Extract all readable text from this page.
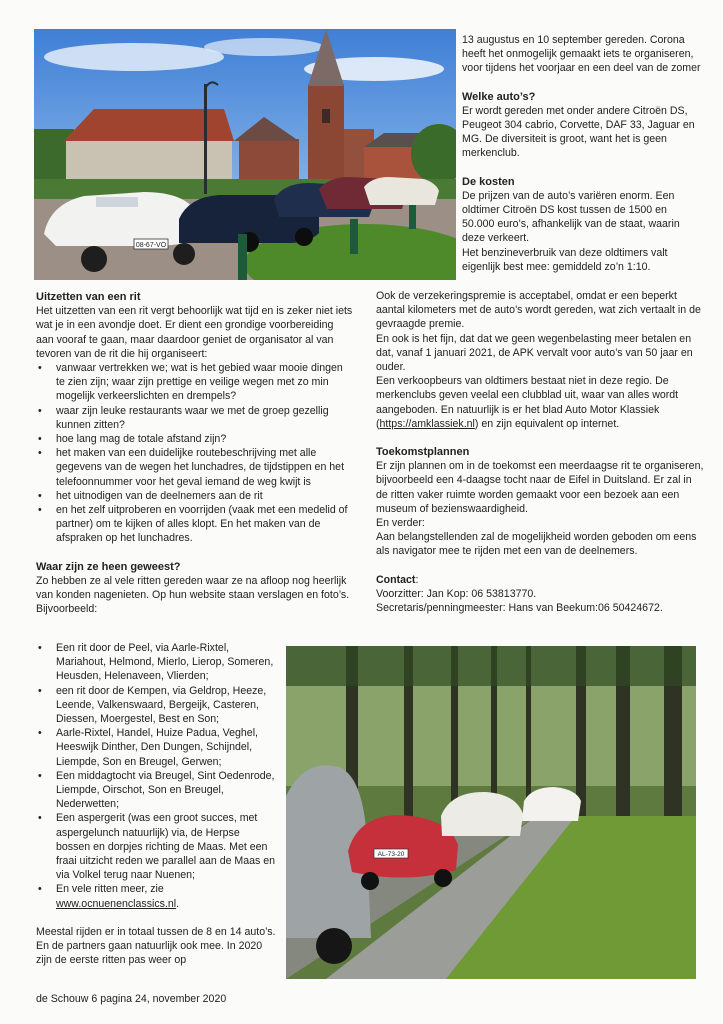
08-67-VO

13 augustus en 10 september gereden. Corona heeft het onmogelijk gemaakt iets te organiseren, voor tijdens het voorjaar en een deel van de zomer

Welke auto’s?

Er wordt gereden met onder andere Citroën DS, Peugeot 304 cabrio, Corvette, DAF 33, Jaguar en MG. De diversiteit is groot, want het is geen merkenclub.

De kosten

De prijzen van de auto’s variëren enorm. Een oldtimer Citroën DS kost tussen de 1500 en 50.000 euro’s, afhankelijk van de staat, waarin deze verkeert.

Het benzineverbruik van deze oldtimers valt eigenlijk best mee: gemiddeld zo’n 1:10.

Ook de verzekeringspremie is acceptabel, omdat er een beperkt aantal kilometers met de auto’s wordt gereden, wat zich vertaalt in de gevraagde premie.

En ook is het fijn, dat dat we geen wegenbelasting meer betalen en dat, vanaf 1 januari 2021, de APK vervalt voor auto’s van 50 jaar en ouder.

Een verkoopbeurs van oldtimers bestaat niet in deze regio. De merkenclubs geven veelal een clubblad uit, waar van alles wordt aangeboden. En natuurlijk is er het blad Auto Motor Klassiek (https://amklassiek.nl) en zijn equivalent op internet.

Toekomstplannen

Er zijn plannen om in de toekomst een meerdaagse rit te organiseren, bijvoorbeeld een 4-daagse tocht naar de Eifel in Duitsland. Er zal in de ritten vaker ruimte worden gemaakt voor een bezoek aan een museum of bezienswaardigheid.

En verder:

Aan belangstellenden zal de mogelijkheid worden geboden om eens als navigator mee te rijden met een van de deelnemers.

Contact:

Voorzitter: Jan Kop: 06 53813770.

Secretaris/penningmeester: Hans van Beekum:06 50424672.

Uitzetten van een rit

Het uitzetten van een rit vergt behoorlijk wat tijd en is zeker niet iets wat je in een avondje doet. Er dient een grondige voorbereiding aan vooraf te gaan, maar daardoor geniet de organisator al van tevoren van de rit die hij organiseert:

• vanwaar vertrekken we; wat is het gebied waar mooie dingen te zien zijn; waar zijn prettige en veilige wegen met zo min mogelijk verkeerslichten en drempels?
• waar zijn leuke restaurants waar we met de groep gezellig kunnen zitten?
• hoe lang mag de totale afstand zijn?
• het maken van een duidelijke routebeschrijving met alle gegevens van de wegen het lunchadres, de tijdstippen en het telefoonnummer voor het geval iemand de weg kwijt is
• het uitnodigen van de deelnemers aan de rit
• en het zelf uitproberen en voorrijden (vaak met een medelid of partner) om te kijken of alles klopt. En het maken van de afspraken op het lunchadres.

Waar zijn ze heen geweest?

Zo hebben ze al vele ritten gereden waar ze na afloop nog heerlijk van konden nagenieten. Op hun website staan verslagen en foto’s.

Bijvoorbeeld:

• Een rit door de Peel, via Aarle-Rixtel, Mariahout, Helmond, Mierlo, Lierop, Someren, Heusden, Helenaveen, Vlierden;
• een rit door de Kempen, via Geldrop, Heeze, Leende, Valkenswaard, Bergeijk, Casteren, Diessen, Moergestel, Best en Son;
• Aarle-Rixtel, Handel, Huize Padua, Veghel, Heeswijk Dinther, Den Dungen, Schijndel, Liempde, Son en Breugel, Gerwen;
• Een middagtocht via Breugel, Sint Oedenrode, Liempde, Oirschot, Son en Breugel, Nederwetten;
• Een aspergerit (was een groot succes, met aspergelunch natuurlijk) via, de Herpse bossen en dorpjes richting de Maas. Met een fraai uitzicht reden we parallel aan de Maas en via Volkel terug naar Nuenen;
• En vele ritten meer, zie
www.ocnuenenclassics.nl.

Meestal rijden er in totaal tussen de 8 en 14 auto’s. En de partners gaan natuurlijk ook mee. In 2020 zijn de eerste ritten pas weer op

AL-73-20
de Schouw 6 pagina 24, november 2020
